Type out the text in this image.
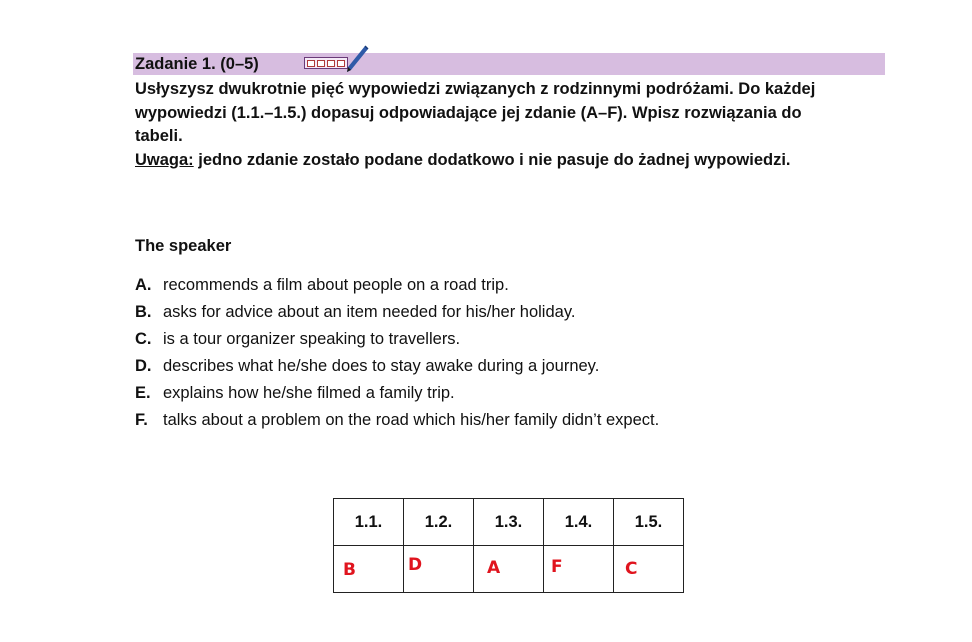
Zadanie 1. (0–5)

Usłyszysz dwukrotnie pięć wypowiedzi związanych z rodzinnymi podróżami. Do każdej

wypowiedzi (1.1.–1.5.) dopasuj odpowiadające jej zdanie (A–F). Wpisz rozwiązania do

tabeli.

Uwaga: jedno zdanie zostało podane dodatkowo i nie pasuje do żadnej wypowiedzi.

The speaker
A. recommends a film about people on a road trip.
B. asks for advice about an item needed for his/her holiday.
C. is a tour organizer speaking to travellers.
D. describes what he/she does to stay awake during a journey.
E. explains how he/she filmed a family trip.
F. talks about a problem on the road which his/her family didn’t expect.
1.1.	1.2.	1.3.	1.4.	1.5.

B	D	A	F	C
